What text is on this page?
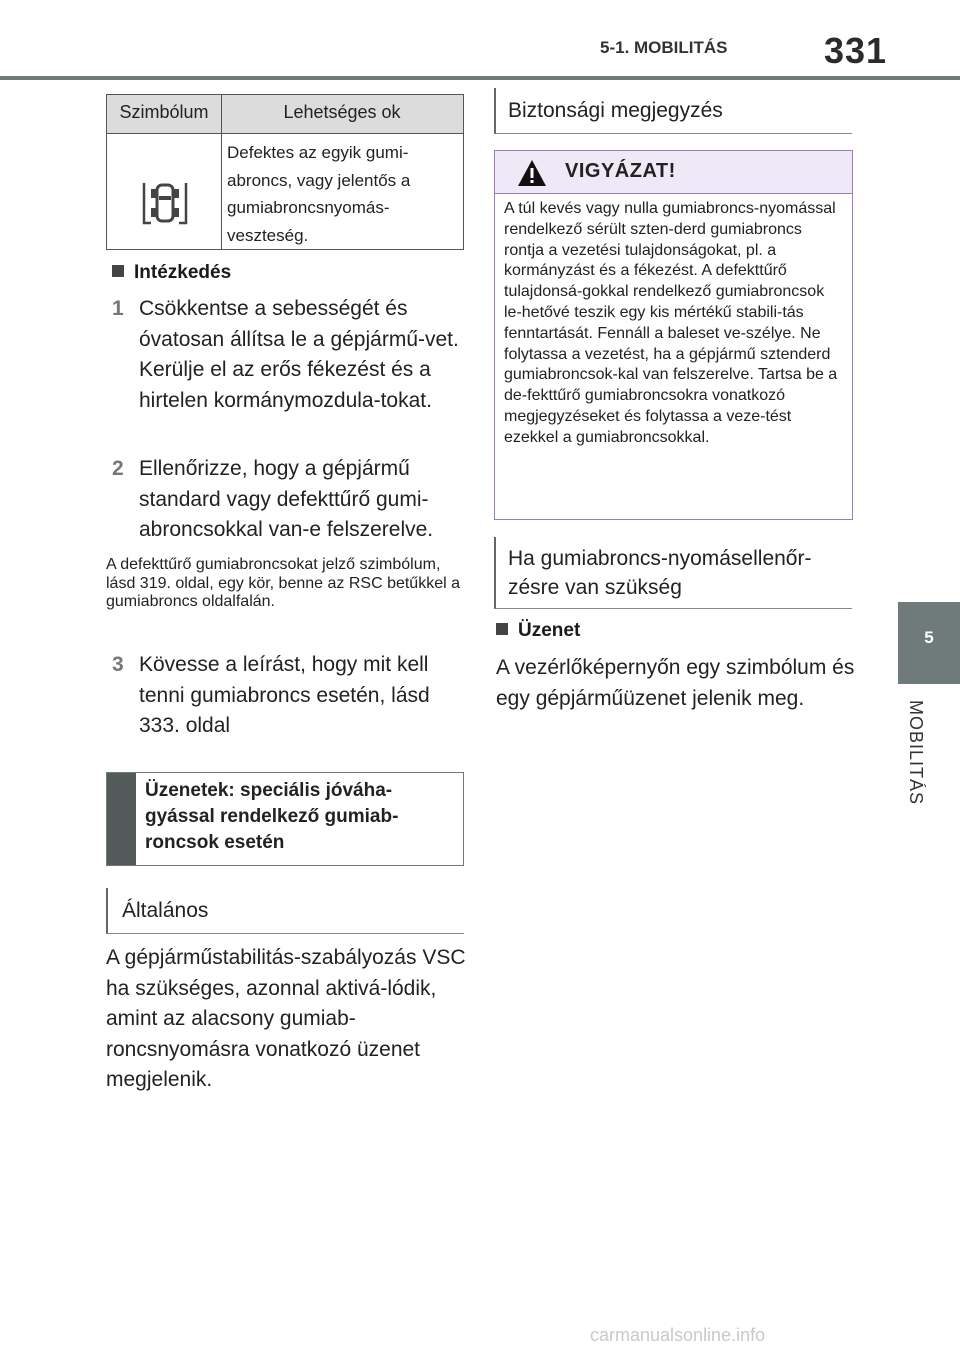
5-1. MOBILITÁS	331
5
MOBILITÁS
Szimbólum	Lehetséges ok
Defektes az egyik gumi-abroncs, vagy jelentős a gumiabroncsnyomás-veszteség.
Intézkedés
1 Csökkentse a sebességét és óvatosan állítsa le a gépjármű-vet. Kerülje el az erős fékezést és a hirtelen kormánymozdula-tokat.
2 Ellenőrizze, hogy a gépjármű standard vagy defekttűrő gumi-abroncsokkal van-e felszerelve.
A defekttűrő gumiabroncsokat jelző szimbólum, lásd 319. oldal, egy kör, benne az RSC betűkkel a gumiabroncs oldalfalán.
3 Kövesse a leírást, hogy mit kell tenni gumiabroncs esetén, lásd 333. oldal
Üzenetek: speciális jóváha-gyással rendelkező gumiab-roncsok esetén
Általános
A gépjárműstabilitás-szabályozás VSC ha szükséges, azonnal aktivá-lódik, amint az alacsony gumiab-roncsnyomásra vonatkozó üzenet megjelenik.
Biztonsági megjegyzés
VIGYÁZAT!
A túl kevés vagy nulla gumiabroncs-nyomással rendelkező sérült szten-derd gumiabroncs rontja a vezetési tulajdonságokat, pl. a kormányzást és a fékezést. A defekttűrő tulajdonsá-gokkal rendelkező gumiabroncsok le-hetővé teszik egy kis mértékű stabili-tás fenntartását. Fennáll a baleset ve-szélye. Ne folytassa a vezetést, ha a gépjármű sztenderd gumiabroncsok-kal van felszerelve. Tartsa be a de-fekttűrő gumiabroncsokra vonatkozó megjegyzéseket és folytassa a veze-tést ezekkel a gumiabroncsokkal.
Ha gumiabroncs-nyomásellenőr-zésre van szükség
Üzenet
A vezérlőképernyőn egy szimbólum és egy gépjárműüzenet jelenik meg.
carmanualsonline.info
